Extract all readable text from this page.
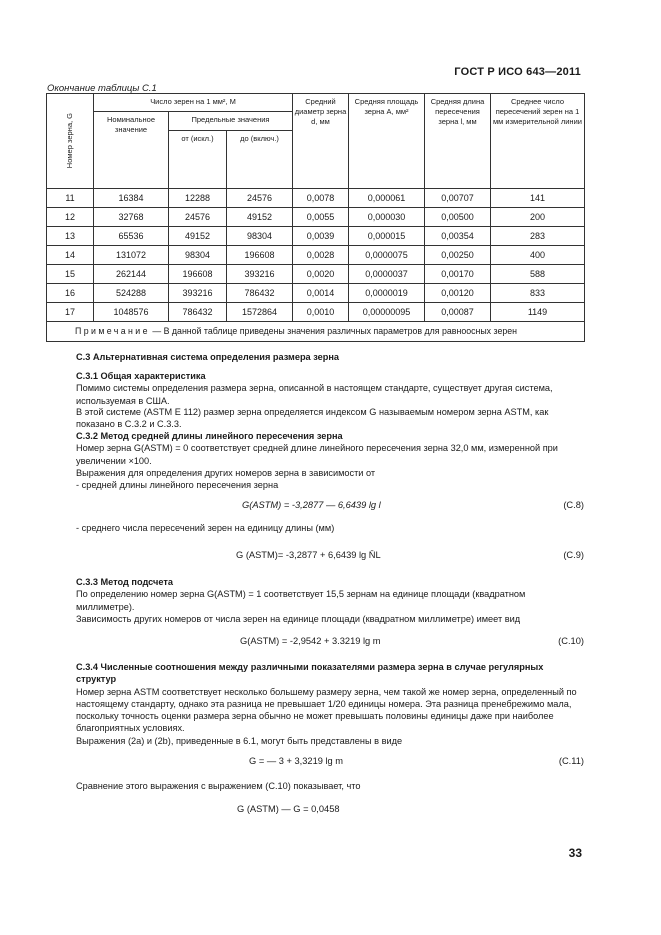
ГОСТ Р ИСО 643—2011
Окончание таблицы С.1
Номер зерна, G	Число зерен на 1 мм², M			Средний диаметр зерна d, мм	Средняя площадь зерна A, мм²	Средняя длина пересечения зерна l, мм	Среднее число пересечений зерен на 1 мм измерительной линии
	Номинальное значение	Предельные значения					
		от (искл.)	до (включ.)				
11	16384	12288	24576	0,0078	0,000061	0,00707	141
12	32768	24576	49152	0,0055	0,000030	0,00500	200
13	65536	49152	98304	0,0039	0,000015	0,00354	283
14	131072	98304	196608	0,0028	0,0000075	0,00250	400
15	262144	196608	393216	0,0020	0,0000037	0,00170	588
16	524288	393216	786432	0,0014	0,0000019	0,00120	833
17	1048576	786432	1572864	0,0010	0,00000095	0,00087	1149
Примечание — В данной таблице приведены значения различных параметров для равноосных зерен							

С.3 Альтернативная система определения размера зерна

С.3.1 Общая характеристика

Помимо системы определения размера зерна, описанной в настоящем стандарте, существует другая система, используемая в США.

В этой системе (ASTM E 112) размер зерна определяется индексом G называемым номером зерна ASTM, как показано в С.3.2 и С.3.3.

С.3.2 Метод средней длины линейного пересечения зерна

Номер зерна G(ASTM) = 0 соответствует средней длине линейного пересечения зерна 32,0 мм, измеренной при увеличении ×100.

Выражения для определения других номеров зерна в зависимости от

- средней длины линейного пересечения зерна

G(ASTM) = -3,2877 — 6,6439 lg l	(С.8)

- среднего числа пересечений зерен на единицу длины (мм)

G (ASTM)= -3,2877 + 6,6439 lg N̄L	(С.9)

С.3.3 Метод подсчета

По определению номер зерна G(ASTM) = 1 соответствует 15,5 зернам на единице площади (квадратном миллиметре).

Зависимость других номеров от числа зерен на единице площади (квадратном миллиметре) имеет вид

G(ASTM) = -2,9542 + 3.3219 lg m	(С.10)

С.3.4 Численные соотношения между различными показателями размера зерна в случае регулярных структур

Номер зерна ASTM соответствует несколько большему размеру зерна, чем такой же номер зерна, определенный по настоящему стандарту, однако эта разница не превышает 1/20 единицы номера. Эта разница пренебрежимо мала, поскольку точность оценки размера зерна обычно не может превышать половины единицы даже при наиболее благоприятных условиях.

Выражения (2а) и (2b), приведенные в 6.1, могут быть представлены в виде

G = — 3 + 3,3219 lg m	(С.11)

Сравнение этого выражения с выражением (С.10) показывает, что

G (ASTM) — G = 0,0458
33
